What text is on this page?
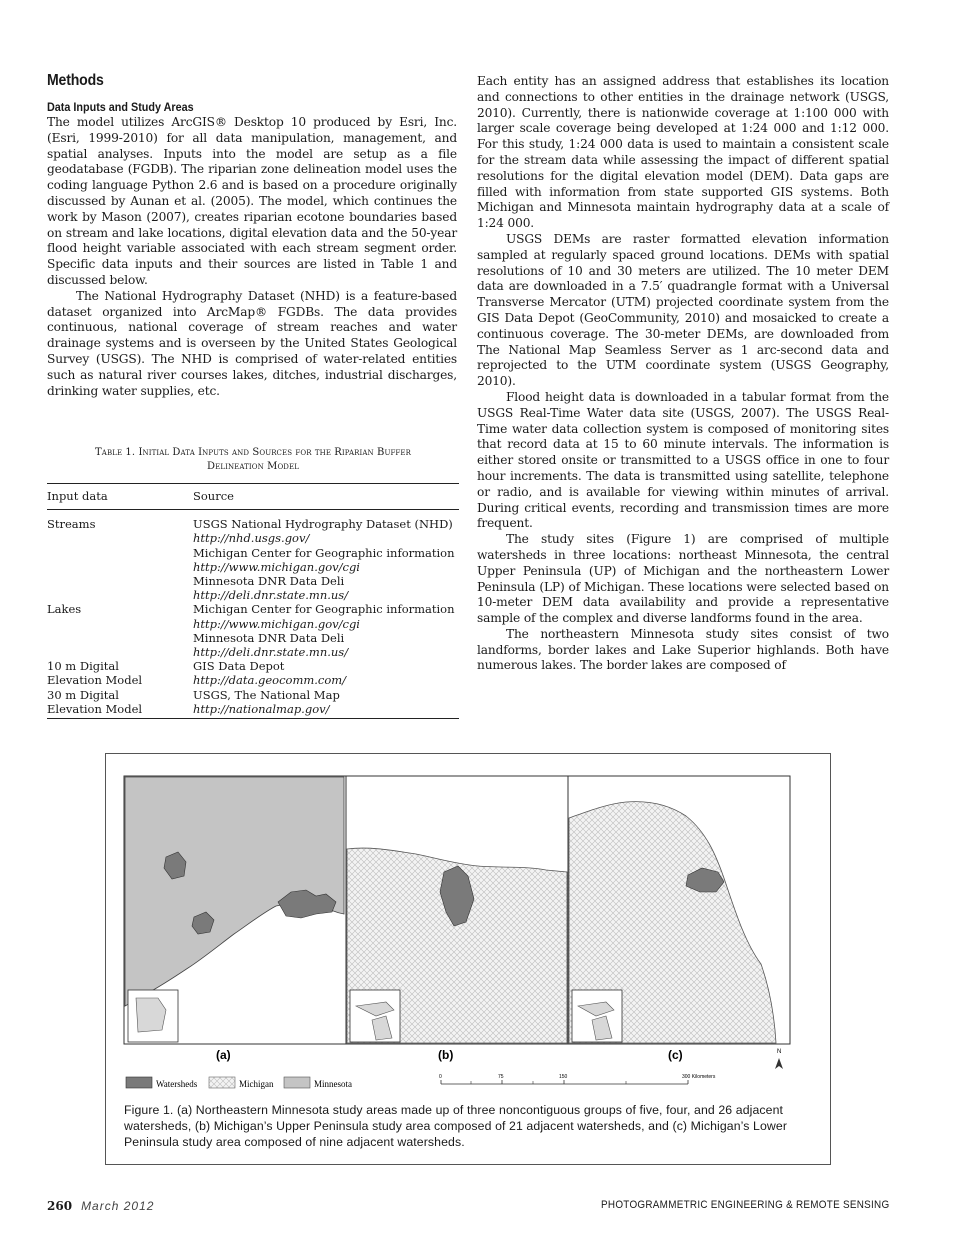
Methods
Data Inputs and Study Areas

The model utilizes ArcGIS® Desktop 10 produced by Esri, Inc. (Esri, 1999-2010) for all data manipulation, management, and spatial analyses. Inputs into the model are setup as a file geodatabase (FGDB). The riparian zone delineation model uses the coding language Python 2.6 and is based on a procedure originally discussed by Aunan et al. (2005). The model, which continues the work by Mason (2007), creates riparian ecotone boundaries based on stream and lake locations, digital elevation data and the 50-year flood height variable associated with each stream segment order. Specific data inputs and their sources are listed in Table 1 and discussed below.

The National Hydrography Dataset (NHD) is a feature-based dataset organized into ArcMap® FGDBs. The data provides continuous, national coverage of stream reaches and water drainage systems and is overseen by the United States Geological Survey (USGS). The NHD is comprised of water-related entities such as natural river courses lakes, ditches, industrial discharges, drinking water supplies, etc.

Table 1. Initial Data Inputs and Sources for the Riparian Buffer
Delineation Model
Input data	Source
Streams	USGS National Hydrography Dataset (NHD)
	http://nhd.usgs.gov/
	Michigan Center for Geographic information
	http://www.michigan.gov/cgi
	Minnesota DNR Data Deli
	http://deli.dnr.state.mn.us/
Lakes	Michigan Center for Geographic information
	http://www.michigan.gov/cgi
	Minnesota DNR Data Deli
	http://deli.dnr.state.mn.us/
10 m Digital	GIS Data Depot
Elevation Model	http://data.geocomm.com/
30 m Digital	USGS, The National Map
Elevation Model	http://nationalmap.gov/

Each entity has an assigned address that establishes its location and connections to other entities in the drainage network (USGS, 2010). Currently, there is nationwide coverage at 1:100 000 with larger scale coverage being developed at 1:24 000 and 1:12 000. For this study, 1:24 000 data is used to maintain a consistent scale for the stream data while assessing the impact of different spatial resolutions for the digital elevation model (DEM). Data gaps are filled with information from state supported GIS systems. Both Michigan and Minnesota maintain hydrography data at a scale of 1:24 000.

USGS DEMs are raster formatted elevation information sampled at regularly spaced ground locations. DEMs with spatial resolutions of 10 and 30 meters are utilized. The 10 meter DEM data are downloaded in a 7.5′ quadrangle format with a Universal Transverse Mercator (UTM) projected coordinate system from the GIS Data Depot (GeoCommunity, 2010) and mosaicked to create a continuous coverage. The 30-meter DEMs, are downloaded from The National Map Seamless Server as 1 arc-second data and reprojected to the UTM coordinate system (USGS Geography, 2010).

Flood height data is downloaded in a tabular format from the USGS Real-Time Water data site (USGS, 2007). The USGS Real-Time water data collection system is composed of monitoring sites that record data at 15 to 60 minute intervals. The information is either stored onsite or transmitted to a USGS office in one to four hour increments. The data is transmitted using satellite, telephone or radio, and is available for viewing within minutes of arrival. During critical events, recording and transmission times are more frequent.

The study sites (Figure 1) are comprised of multiple watersheds in three locations: northeast Minnesota, the central Upper Peninsula (UP) of Michigan and the northeastern Lower Peninsula (LP) of Michigan. These locations were selected based on 10-meter DEM data availability and provide a representative sample of the complex and diverse landforms found in the area.

The northeastern Minnesota study sites consist of two landforms, border lakes and Lake Superior highlands. Both have numerous lakes. The border lakes are composed of

(a)	(b)	(c)
Watersheds	Michigan	Minnesota
0	75	150	300 Kilometers
N
Figure 1. (a) Northeastern Minnesota study areas made up of three noncontiguous groups of five, four, and 26 adjacent watersheds, (b) Michigan’s Upper Peninsula study area composed of 21 adjacent watersheds, and (c) Michigan’s Lower Peninsula study area composed of nine adjacent watersheds.
260 March 2012	PHOTOGRAMMETRIC ENGINEERING & REMOTE SENSING
